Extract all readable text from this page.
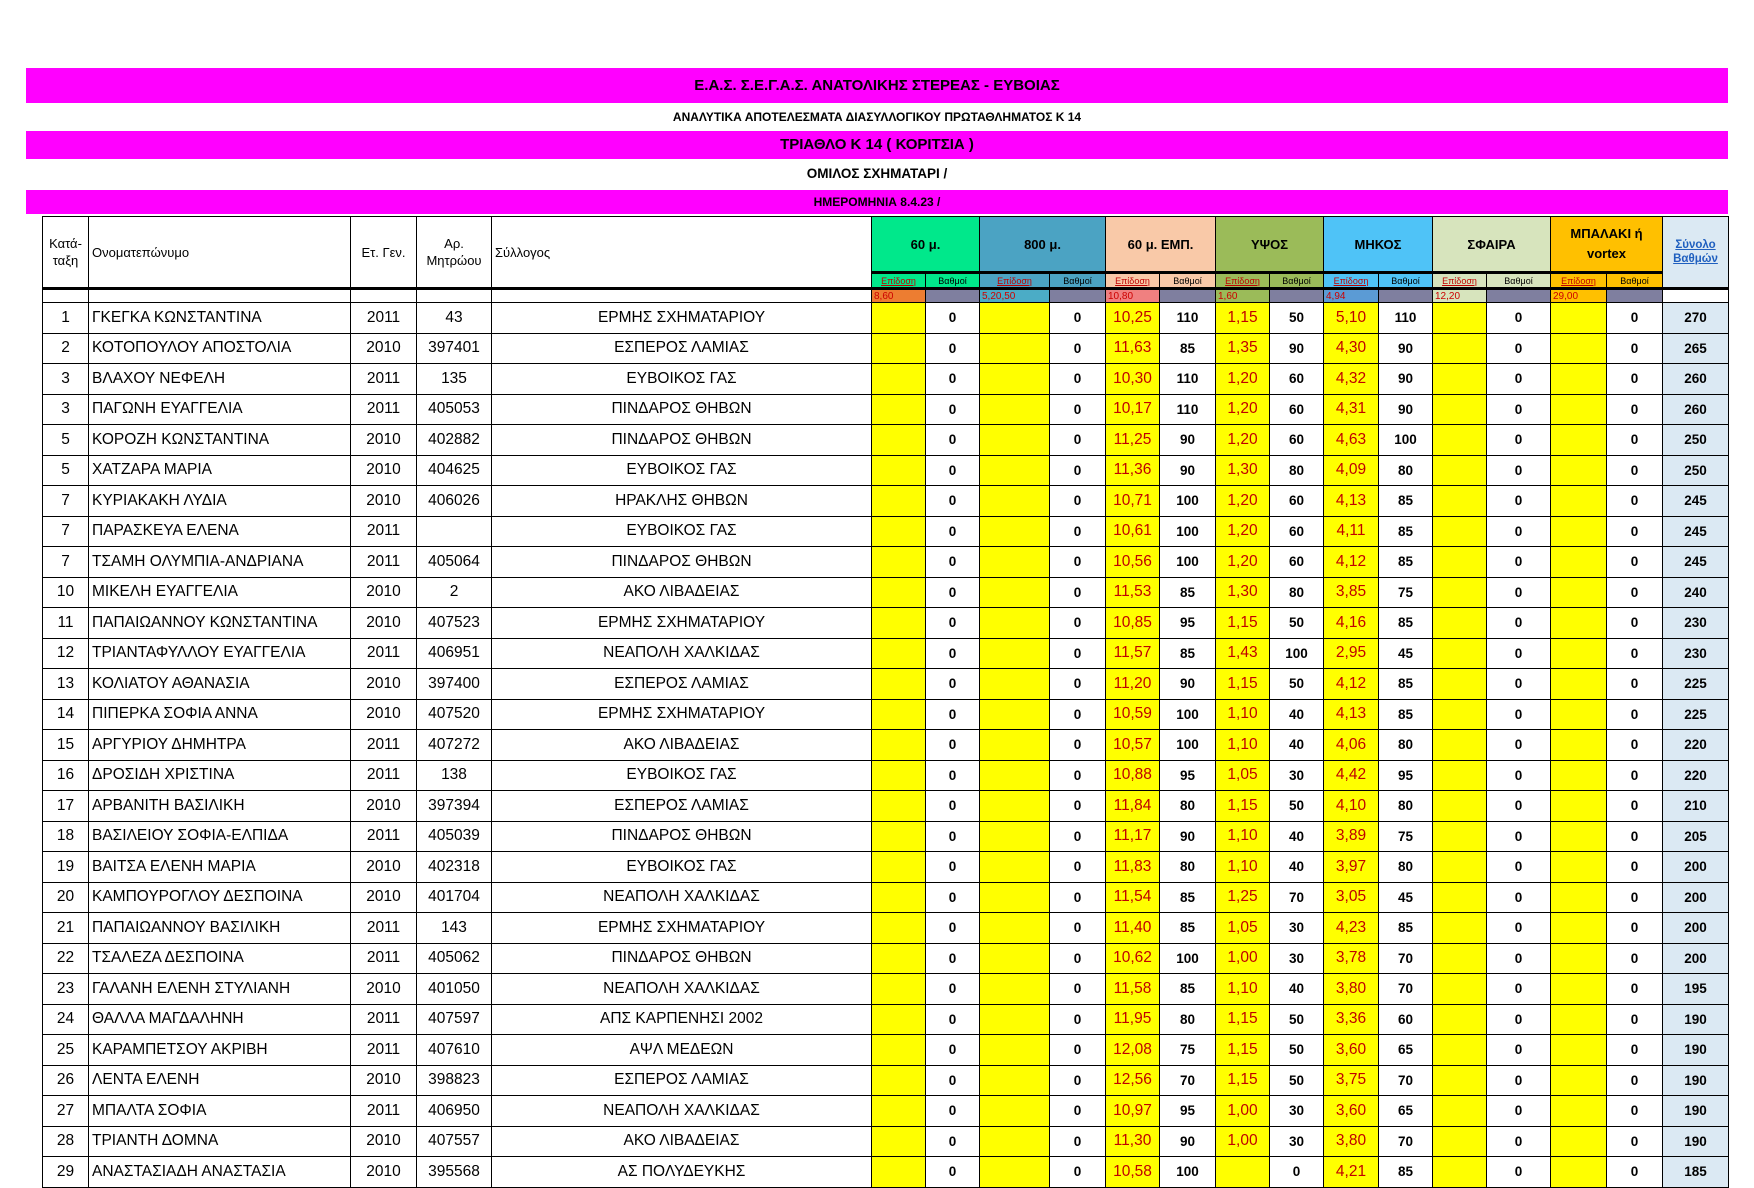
Ε.Α.Σ. Σ.Ε.Γ.Α.Σ. ΑΝΑΤΟΛΙΚΗΣ ΣΤΕΡΕΑΣ - ΕΥΒΟΙΑΣ
ΑΝΑΛΥΤΙΚΑ ΑΠΟΤΕΛΕΣΜΑΤΑ ΔΙΑΣΥΛΛΟΓΙΚΟΥ ΠΡΩΤΑΘΛΗΜΑΤΟΣ Κ 14
ΤΡΙΑΘΛΟ Κ 14 ( ΚΟΡΙΤΣΙΑ )
ΟΜΙΛΟΣ ΣΧΗΜΑΤΑΡΙ /
ΗΜΕΡΟΜΗΝΙΑ 8.4.23 /
Κατά-ταξη	Ονοματεπώνυμο	Ετ. Γεν.	Αρ. Μητρώου	Σύλλογος	60 μ.		800 μ.		60 μ. ΕΜΠ.		ΥΨΟΣ		ΜΗΚΟΣ		ΣΦΑΙΡΑ		ΜΠΑΛΑΚΙ ή vortex		Σύνολο Βαθμών
					Επίδοση	Βαθμοί	Επίδοση	Βαθμοί	Επίδοση	Βαθμοί	Επίδοση	Βαθμοί	Επίδοση	Βαθμοί	Επίδοση	Βαθμοί	Επίδοση	Βαθμοί	
					8,60		5,20,50		10,80		1,60		4,94		12,20		29,00		
1	ΓΚΕΓΚΑ ΚΩΝΣΤΑΝΤΙΝΑ	2011	43	ΕΡΜΗΣ ΣΧΗΜΑΤΑΡΙΟΥ		0		0	10,25	110	1,15	50	5,10	110		0		0	270
2	ΚΟΤΟΠΟΥΛΟΥ ΑΠΟΣΤΟΛΙΑ	2010	397401	ΕΣΠΕΡΟΣ ΛΑΜΙΑΣ		0		0	11,63	85	1,35	90	4,30	90		0		0	265
3	ΒΛΑΧΟΥ ΝΕΦΕΛΗ	2011	135	ΕΥΒΟΙΚΟΣ ΓΑΣ		0		0	10,30	110	1,20	60	4,32	90		0		0	260
3	ΠΑΓΩΝΗ ΕΥΑΓΓΕΛΙΑ	2011	405053	ΠΙΝΔΑΡΟΣ ΘΗΒΩΝ		0		0	10,17	110	1,20	60	4,31	90		0		0	260
5	ΚΟΡΟΖΗ ΚΩΝΣΤΑΝΤΙΝΑ	2010	402882	ΠΙΝΔΑΡΟΣ ΘΗΒΩΝ		0		0	11,25	90	1,20	60	4,63	100		0		0	250
5	ΧΑΤΖΑΡΑ ΜΑΡΙΑ	2010	404625	ΕΥΒΟΙΚΟΣ ΓΑΣ		0		0	11,36	90	1,30	80	4,09	80		0		0	250
7	ΚΥΡΙΑΚΑΚΗ ΛΥΔΙΑ	2010	406026	ΗΡΑΚΛΗΣ ΘΗΒΩΝ		0		0	10,71	100	1,20	60	4,13	85		0		0	245
7	ΠΑΡΑΣΚΕΥΑ ΕΛΕΝΑ	2011		ΕΥΒΟΙΚΟΣ ΓΑΣ		0		0	10,61	100	1,20	60	4,11	85		0		0	245
7	ΤΣΑΜΗ ΟΛΥΜΠΙΑ-ΑΝΔΡΙΑΝΑ	2011	405064	ΠΙΝΔΑΡΟΣ ΘΗΒΩΝ		0		0	10,56	100	1,20	60	4,12	85		0		0	245
10	ΜΙΚΕΛΗ ΕΥΑΓΓΕΛΙΑ	2010	2	ΑΚΟ ΛΙΒΑΔΕΙΑΣ		0		0	11,53	85	1,30	80	3,85	75		0		0	240
11	ΠΑΠΑΙΩΑΝΝΟΥ ΚΩΝΣΤΑΝΤΙΝΑ	2010	407523	ΕΡΜΗΣ ΣΧΗΜΑΤΑΡΙΟΥ		0		0	10,85	95	1,15	50	4,16	85		0		0	230
12	ΤΡΙΑΝΤΑΦΥΛΛΟΥ ΕΥΑΓΓΕΛΙΑ	2011	406951	ΝΕΑΠΟΛΗ ΧΑΛΚΙΔΑΣ		0		0	11,57	85	1,43	100	2,95	45		0		0	230
13	ΚΟΛΙΑΤΟΥ ΑΘΑΝΑΣΙΑ	2010	397400	ΕΣΠΕΡΟΣ ΛΑΜΙΑΣ		0		0	11,20	90	1,15	50	4,12	85		0		0	225
14	ΠΙΠΕΡΚΑ ΣΟΦΙΑ ΑΝΝΑ	2010	407520	ΕΡΜΗΣ ΣΧΗΜΑΤΑΡΙΟΥ		0		0	10,59	100	1,10	40	4,13	85		0		0	225
15	ΑΡΓΥΡΙΟΥ ΔΗΜΗΤΡΑ	2011	407272	ΑΚΟ ΛΙΒΑΔΕΙΑΣ		0		0	10,57	100	1,10	40	4,06	80		0		0	220
16	ΔΡΟΣΙΔΗ ΧΡΙΣΤΙΝΑ	2011	138	ΕΥΒΟΙΚΟΣ ΓΑΣ		0		0	10,88	95	1,05	30	4,42	95		0		0	220
17	ΑΡΒΑΝΙΤΗ ΒΑΣΙΛΙΚΗ	2010	397394	ΕΣΠΕΡΟΣ ΛΑΜΙΑΣ		0		0	11,84	80	1,15	50	4,10	80		0		0	210
18	ΒΑΣΙΛΕΙΟΥ ΣΟΦΙΑ-ΕΛΠΙΔΑ	2011	405039	ΠΙΝΔΑΡΟΣ ΘΗΒΩΝ		0		0	11,17	90	1,10	40	3,89	75		0		0	205
19	ΒΑΙΤΣΑ ΕΛΕΝΗ ΜΑΡΙΑ	2010	402318	ΕΥΒΟΙΚΟΣ ΓΑΣ		0		0	11,83	80	1,10	40	3,97	80		0		0	200
20	ΚΑΜΠΟΥΡΟΓΛΟΥ ΔΕΣΠΟΙΝΑ	2010	401704	ΝΕΑΠΟΛΗ ΧΑΛΚΙΔΑΣ		0		0	11,54	85	1,25	70	3,05	45		0		0	200
21	ΠΑΠΑΙΩΑΝΝΟΥ ΒΑΣΙΛΙΚΗ	2011	143	ΕΡΜΗΣ ΣΧΗΜΑΤΑΡΙΟΥ		0		0	11,40	85	1,05	30	4,23	85		0		0	200
22	ΤΣΑΛΕΖΑ ΔΕΣΠΟΙΝΑ	2011	405062	ΠΙΝΔΑΡΟΣ ΘΗΒΩΝ		0		0	10,62	100	1,00	30	3,78	70		0		0	200
23	ΓΑΛΑΝΗ ΕΛΕΝΗ ΣΤΥΛΙΑΝΗ	2010	401050	ΝΕΑΠΟΛΗ ΧΑΛΚΙΔΑΣ		0		0	11,58	85	1,10	40	3,80	70		0		0	195
24	ΘΑΛΛΑ ΜΑΓΔΑΛΗΝΗ	2011	407597	ΑΠΣ ΚΑΡΠΕΝΗΣΙ 2002		0		0	11,95	80	1,15	50	3,36	60		0		0	190
25	ΚΑΡΑΜΠΕΤΣΟΥ ΑΚΡΙΒΗ	2011	407610	ΑΨΛ ΜΕΔΕΩΝ		0		0	12,08	75	1,15	50	3,60	65		0		0	190
26	ΛΕΝΤΑ ΕΛΕΝΗ	2010	398823	ΕΣΠΕΡΟΣ ΛΑΜΙΑΣ		0		0	12,56	70	1,15	50	3,75	70		0		0	190
27	ΜΠΑΛΤΑ ΣΟΦΙΑ	2011	406950	ΝΕΑΠΟΛΗ ΧΑΛΚΙΔΑΣ		0		0	10,97	95	1,00	30	3,60	65		0		0	190
28	ΤΡΙΑΝΤΗ ΔΟΜΝΑ	2010	407557	ΑΚΟ ΛΙΒΑΔΕΙΑΣ		0		0	11,30	90	1,00	30	3,80	70		0		0	190
29	ΑΝΑΣΤΑΣΙΑΔΗ ΑΝΑΣΤΑΣΙΑ	2010	395568	ΑΣ ΠΟΛΥΔΕΥΚΗΣ		0		0	10,58	100		0	4,21	85		0		0	185
